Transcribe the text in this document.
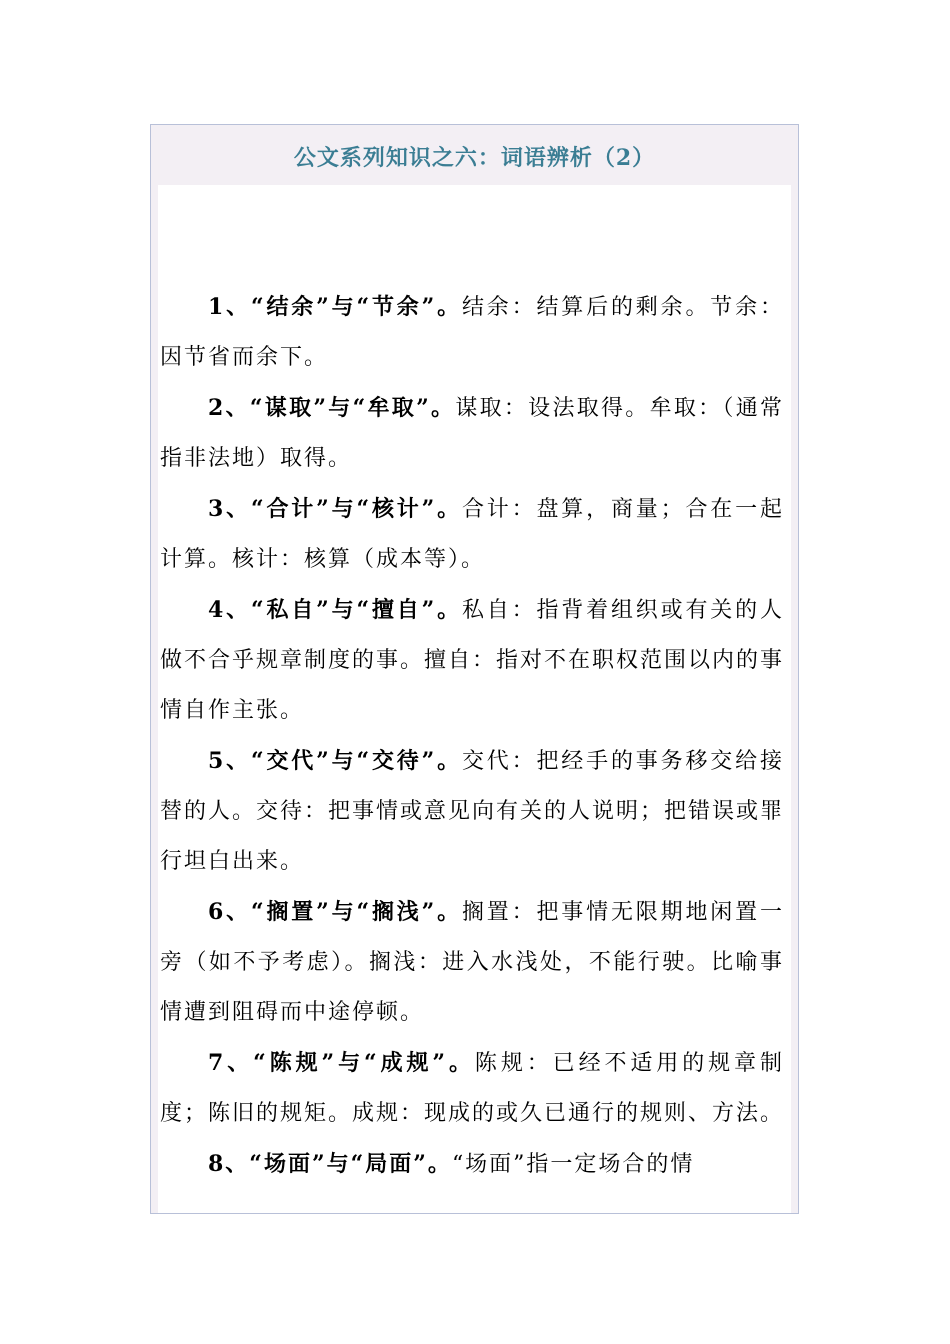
公文系列知识之六：词语辨析（2）

1、“结余”与“节余”。结余：结算后的剩余。节余：因节省而余下。

2、“谋取”与“牟取”。谋取：设法取得。牟取：（通常指非法地）取得。

3、“合计”与“核计”。合计：盘算，商量；合在一起计算。核计：核算（成本等）。

4、“私自”与“擅自”。私自：指背着组织或有关的人做不合乎规章制度的事。擅自：指对不在职权范围以内的事情自作主张。

5、“交代”与“交待”。交代：把经手的事务移交给接替的人。交待：把事情或意见向有关的人说明；把错误或罪行坦白出来。

6、“搁置”与“搁浅”。搁置：把事情无限期地闲置一旁（如不予考虑）。搁浅：进入水浅处，不能行驶。比喻事情遭到阻碍而中途停顿。

7、“陈规”与“成规”。陈规：已经不适用的规章制度；陈旧的规矩。成规：现成的或久已通行的规则、方法。

8、“场面”与“局面”。“场面”指一定场合的情
